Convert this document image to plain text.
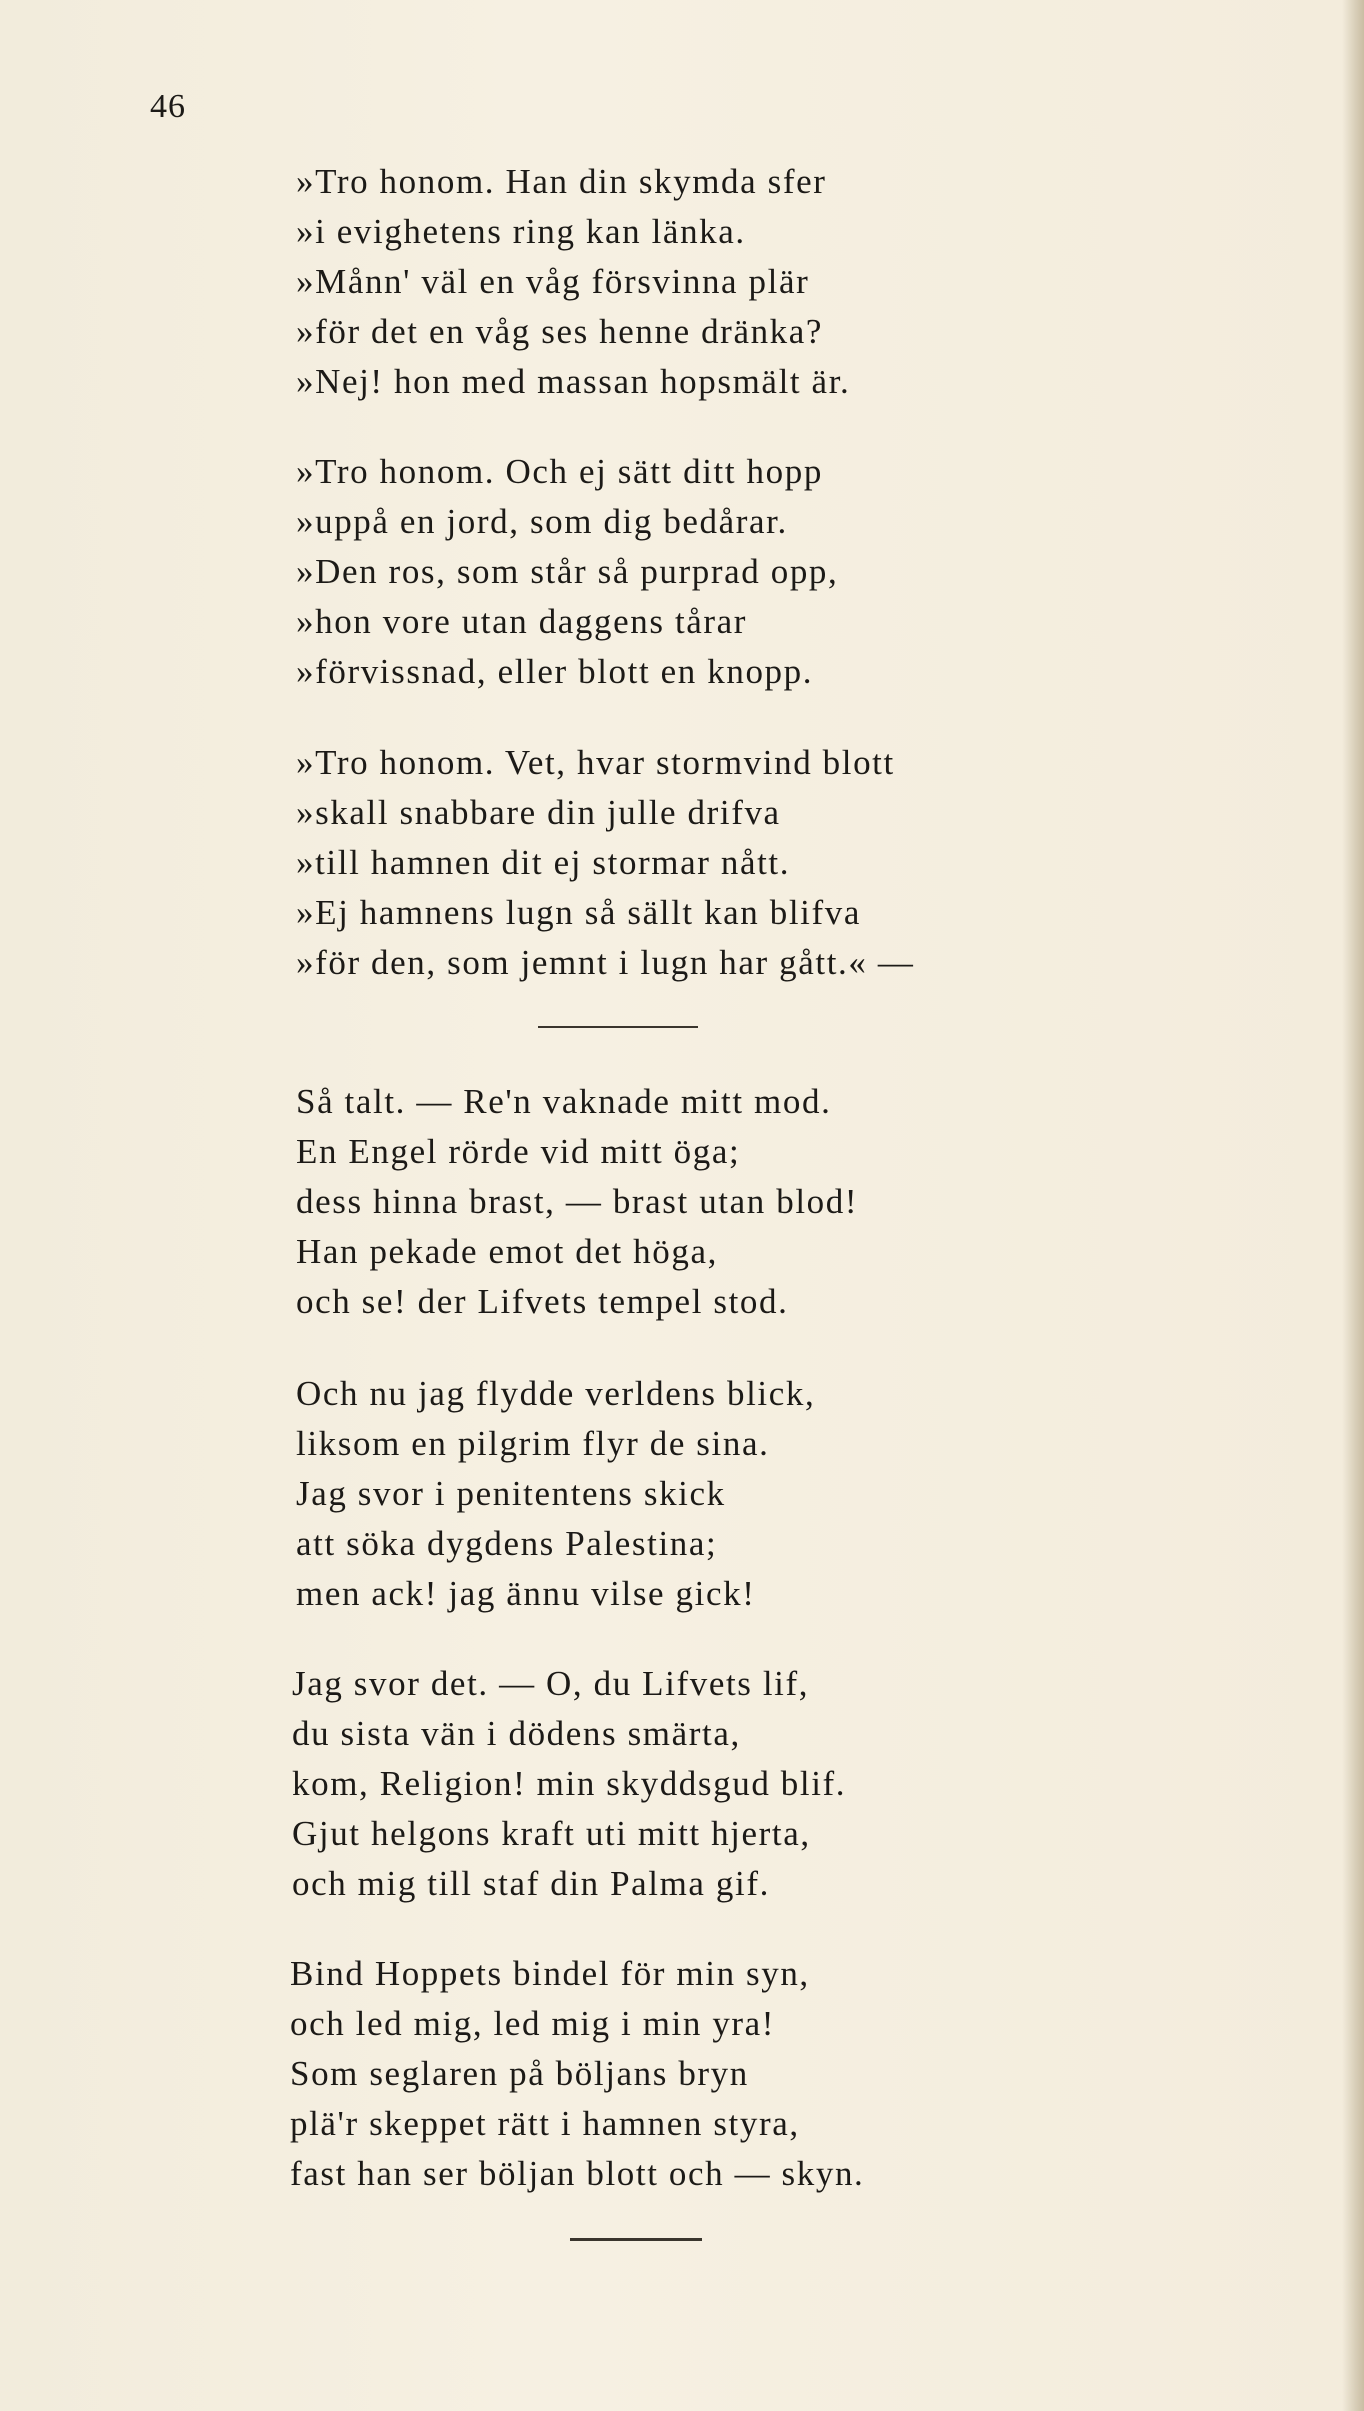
46
»Tro honom. Han din skymda sfer
»i evighetens ring kan länka.
»Månn' väl en våg försvinna plär
»för det en våg ses henne dränka?
»Nej! hon med massan hopsmält är.
»Tro honom. Och ej sätt ditt hopp
»uppå en jord, som dig bedårar.
»Den ros, som står så purprad opp,
»hon vore utan daggens tårar
»förvissnad, eller blott en knopp.
»Tro honom. Vet, hvar stormvind blott
»skall snabbare din julle drifva
»till hamnen dit ej stormar nått.
»Ej hamnens lugn så sällt kan blifva
»för den, som jemnt i lugn har gått.« —
Så talt. — Re'n vaknade mitt mod.
En Engel rörde vid mitt öga;
dess hinna brast, — brast utan blod!
Han pekade emot det höga,
och se! der Lifvets tempel stod.
Och nu jag flydde verldens blick,
liksom en pilgrim flyr de sina.
Jag svor i penitentens skick
att söka dygdens Palestina;
men ack! jag ännu vilse gick!
Jag svor det. — O, du Lifvets lif,
du sista vän i dödens smärta,
kom, Religion! min skyddsgud blif.
Gjut helgons kraft uti mitt hjerta,
och mig till staf din Palma gif.
Bind Hoppets bindel för min syn,
och led mig, led mig i min yra!
Som seglaren på böljans bryn
plä'r skeppet rätt i hamnen styra,
fast han ser böljan blott och — skyn.
